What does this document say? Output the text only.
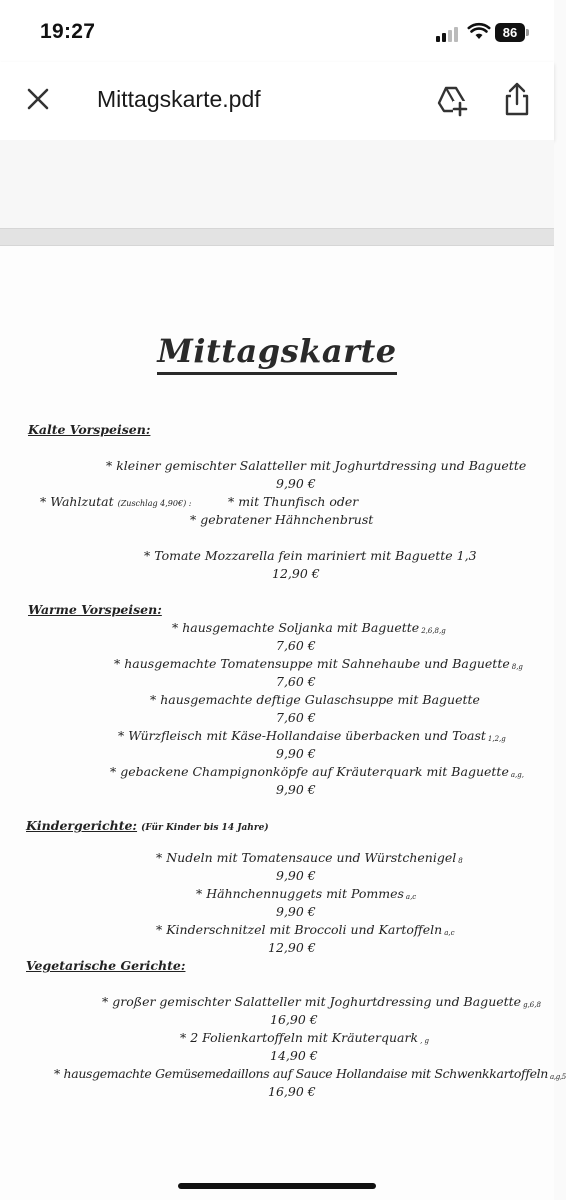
19:27	86
Mittagskarte.pdf
Mittagskarte
Kalte Vorspeisen:
* kleiner gemischter Salatteller mit Joghurtdressing und Baguette
9,90 €
* Wahlzutat (Zuschlag 4,90€) :	* mit Thunfisch oder
* gebratener Hähnchenbrust
* Tomate Mozzarella fein mariniert mit Baguette 1,3
12,90 €
Warme Vorspeisen:
* hausgemachte Soljanka mit Baguette 2,6,8,g
7,60 €
* hausgemachte Tomatensuppe mit Sahnehaube und Baguette 8,g
7,60 €
* hausgemachte deftige Gulaschsuppe mit Baguette
7,60 €
* Würzfleisch mit Käse-Hollandaise überbacken und Toast 1,2,g
9,90 €
* gebackene Champignonköpfe auf Kräuterquark mit Baguette a,g,
9,90 €
Kindergerichte: (Für Kinder bis 14 Jahre)
* Nudeln mit Tomatensauce und Würstchenigel 8
9,90 €
* Hähnchennuggets mit Pommes a,c
9,90 €
* Kinderschnitzel mit Broccoli und Kartoffeln a,c
12,90 €
Vegetarische Gerichte:
* großer gemischter Salatteller mit Joghurtdressing und Baguette g,6,8
16,90 €
* 2 Folienkartoffeln mit Kräuterquark , g
14,90 €
* hausgemachte Gemüsemedaillons auf Sauce Hollandaise mit Schwenkkartoffeln a,g,5
16,90 €
